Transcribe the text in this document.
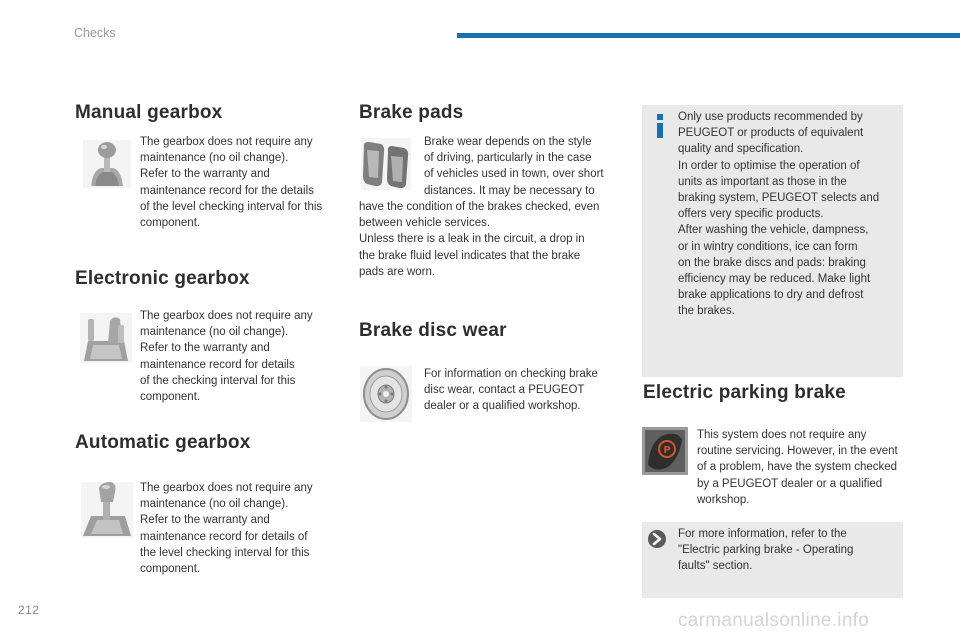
Checks
Manual gearbox

The gearbox does not require any
maintenance (no oil change).
Refer to the warranty and
maintenance record for the details
of the level checking interval for this
component.

Electronic gearbox

The gearbox does not require any
maintenance (no oil change).
Refer to the warranty and
maintenance record for details
of the checking interval for this
component.

Automatic gearbox

The gearbox does not require any
maintenance (no oil change).
Refer to the warranty and
maintenance record for details of
the level checking interval for this
component.

Brake pads

Brake wear depends on the style
of driving, particularly in the case
of vehicles used in town, over short
distances. It may be necessary to

have the condition of the brakes checked, even
between vehicle services.
Unless there is a leak in the circuit, a drop in
the brake fluid level indicates that the brake
pads are worn.

Brake disc wear

For information on checking brake
disc wear, contact a PEUGEOT
dealer or a qualified workshop.

Only use products recommended by
PEUGEOT or products of equivalent
quality and specification.
In order to optimise the operation of
units as important as those in the
braking system, PEUGEOT selects and
offers very specific products.
After washing the vehicle, dampness,
or in wintry conditions, ice can form
on the brake discs and pads: braking
efficiency may be reduced. Make light
brake applications to dry and defrost
the brakes.

Electric parking brake
P

This system does not require any
routine servicing. However, in the event
of a problem, have the system checked
by a PEUGEOT dealer or a qualified
workshop.

For more information, refer to the
"Electric parking brake - Operating
faults" section.

212	carmanualsonline.info
